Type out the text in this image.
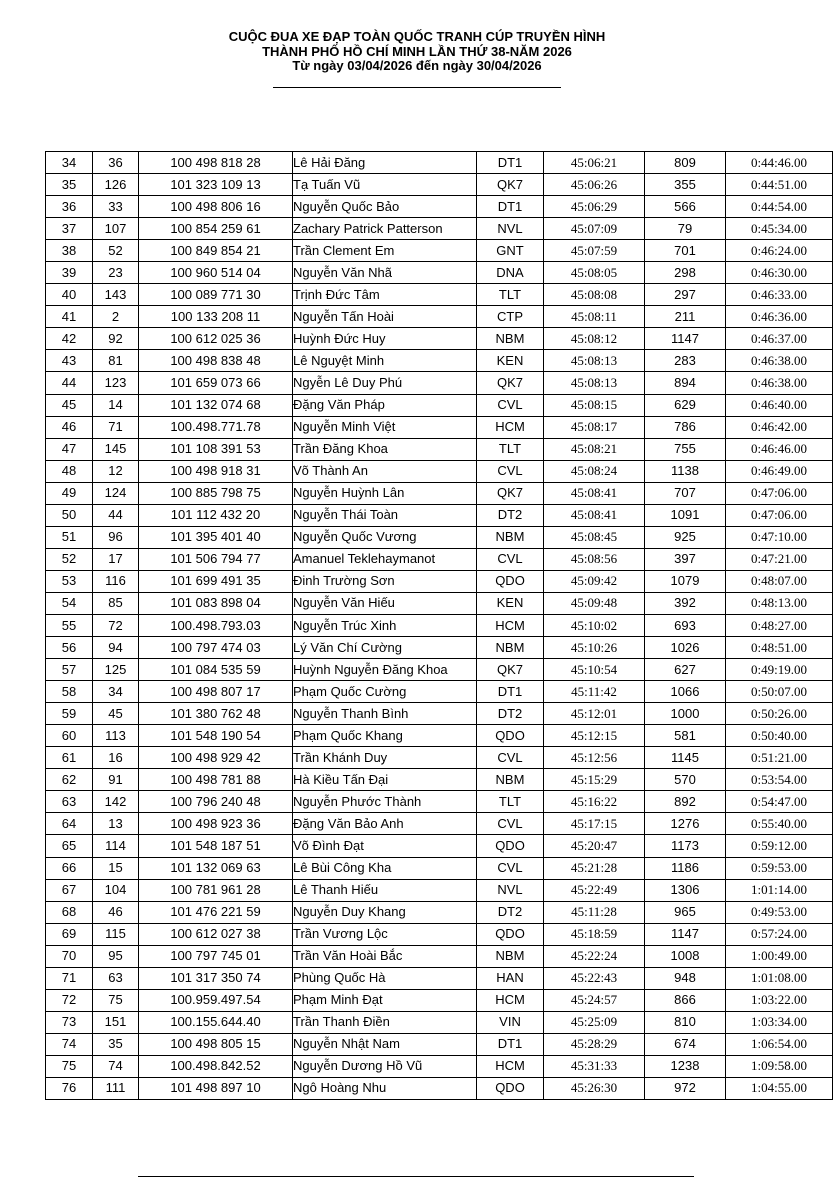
CUỘC ĐUA XE ĐẠP TOÀN QUỐC TRANH CÚP TRUYỀN HÌNH
THÀNH PHỐ HỒ CHÍ MINH LẦN THỨ 38-NĂM 2026
Từ ngày 03/04/2026 đến ngày 30/04/2026
34	36	100 498 818 28	Lê Hải Đăng	DT1	45:06:21	809	0:44:46.00
35	126	101 323 109 13	Tạ Tuấn Vũ	QK7	45:06:26	355	0:44:51.00
36	33	100 498 806 16	Nguyễn Quốc Bảo	DT1	45:06:29	566	0:44:54.00
37	107	100 854 259 61	Zachary Patrick Patterson	NVL	45:07:09	79	0:45:34.00
38	52	100 849 854 21	Trần Clement Em	GNT	45:07:59	701	0:46:24.00
39	23	100 960 514 04	Nguyễn Văn Nhã	DNA	45:08:05	298	0:46:30.00
40	143	100 089 771 30	Trịnh Đức Tâm	TLT	45:08:08	297	0:46:33.00
41	2	100 133 208 11	Nguyễn Tấn Hoài	CTP	45:08:11	211	0:46:36.00
42	92	100 612 025 36	Huỳnh Đức Huy	NBM	45:08:12	1147	0:46:37.00
43	81	100 498 838 48	Lê Nguyệt Minh	KEN	45:08:13	283	0:46:38.00
44	123	101 659 073 66	Ngyễn Lê Duy Phú	QK7	45:08:13	894	0:46:38.00
45	14	101 132 074 68	Đặng Văn Pháp	CVL	45:08:15	629	0:46:40.00
46	71	100.498.771.78	Nguyễn Minh Việt	HCM	45:08:17	786	0:46:42.00
47	145	101 108 391 53	Trần Đăng Khoa	TLT	45:08:21	755	0:46:46.00
48	12	100 498 918 31	Võ Thành An	CVL	45:08:24	1138	0:46:49.00
49	124	100 885 798 75	Nguyễn Huỳnh Lân	QK7	45:08:41	707	0:47:06.00
50	44	101 112 432 20	Nguyễn Thái Toàn	DT2	45:08:41	1091	0:47:06.00
51	96	101 395 401 40	Nguyễn Quốc Vương	NBM	45:08:45	925	0:47:10.00
52	17	101 506 794 77	Amanuel Teklehaymanot	CVL	45:08:56	397	0:47:21.00
53	116	101 699 491 35	Đinh Trường Sơn	QDO	45:09:42	1079	0:48:07.00
54	85	101 083 898 04	Nguyễn Văn Hiếu	KEN	45:09:48	392	0:48:13.00
55	72	100.498.793.03	Nguyễn Trúc Xinh	HCM	45:10:02	693	0:48:27.00
56	94	100 797 474 03	Lý Văn Chí Cường	NBM	45:10:26	1026	0:48:51.00
57	125	101 084 535 59	Huỳnh Nguyễn Đăng Khoa	QK7	45:10:54	627	0:49:19.00
58	34	100 498 807 17	Phạm Quốc Cường	DT1	45:11:42	1066	0:50:07.00
59	45	101 380 762 48	Nguyễn Thanh Bình	DT2	45:12:01	1000	0:50:26.00
60	113	101 548 190 54	Phạm Quốc Khang	QDO	45:12:15	581	0:50:40.00
61	16	100 498 929 42	Trần Khánh Duy	CVL	45:12:56	1145	0:51:21.00
62	91	100 498 781 88	Hà Kiều Tấn Đại	NBM	45:15:29	570	0:53:54.00
63	142	100 796 240 48	Nguyễn Phước Thành	TLT	45:16:22	892	0:54:47.00
64	13	100 498 923 36	Đặng Văn Bảo Anh	CVL	45:17:15	1276	0:55:40.00
65	114	101 548 187 51	Võ Đình Đạt	QDO	45:20:47	1173	0:59:12.00
66	15	101 132 069 63	Lê Bùi Công Kha	CVL	45:21:28	1186	0:59:53.00
67	104	100 781 961 28	Lê Thanh Hiếu	NVL	45:22:49	1306	1:01:14.00
68	46	101 476 221 59	Nguyễn Duy Khang	DT2	45:11:28	965	0:49:53.00
69	115	100 612 027 38	Trần Vương Lộc	QDO	45:18:59	1147	0:57:24.00
70	95	100 797 745 01	Trần Văn Hoài Bắc	NBM	45:22:24	1008	1:00:49.00
71	63	101 317 350 74	Phùng Quốc Hà	HAN	45:22:43	948	1:01:08.00
72	75	100.959.497.54	Phạm Minh Đạt	HCM	45:24:57	866	1:03:22.00
73	151	100.155.644.40	Trần Thanh Điền	VIN	45:25:09	810	1:03:34.00
74	35	100 498 805 15	Nguyễn Nhật Nam	DT1	45:28:29	674	1:06:54.00
75	74	100.498.842.52	Nguyễn Dương Hồ Vũ	HCM	45:31:33	1238	1:09:58.00
76	111	101 498 897 10	Ngô Hoàng Nhu	QDO	45:26:30	972	1:04:55.00
